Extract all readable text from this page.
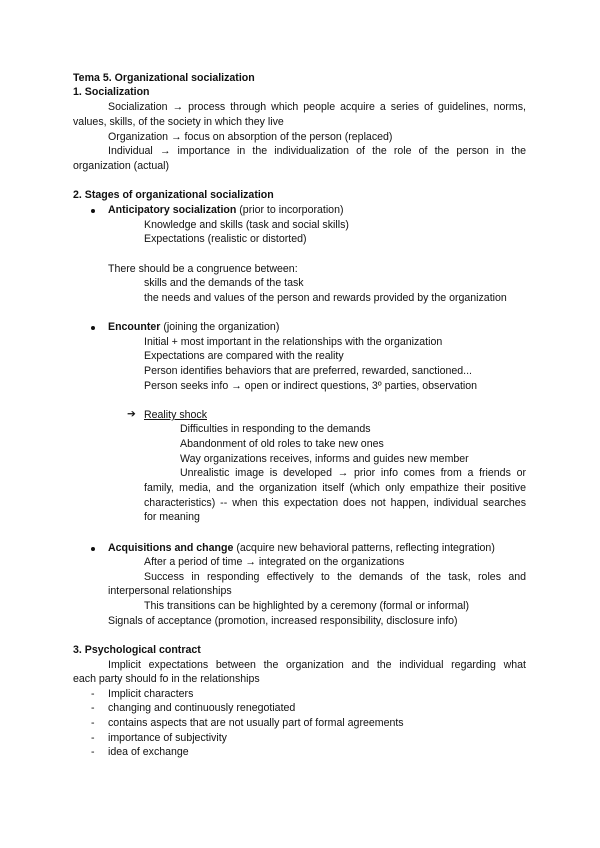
Tema 5. Organizational socialization
1. Socialization
Socialization → process through which people acquire a series of guidelines, norms,
values, skills, of the society in which they live
Organization → focus on absorption of the person (replaced)
Individual → importance in the individualization of the role of the person in the
organization (actual)
2. Stages of organizational socialization
Anticipatory socialization (prior to incorporation)
Knowledge and skills (task and social skills)
Expectations (realistic or distorted)
There should be a congruence between:
skills and the demands of the task
the needs and values of the person and rewards provided by the organization
Encounter (joining the organization)
Initial + most important in the relationships with the organization
Expectations are compared with the reality
Person identifies behaviors that are preferred, rewarded, sanctioned...
Person seeks info → open or indirect questions, 3º parties, observation
➔ Reality shock
Difficulties in responding to the demands
Abandonment of old roles to take new ones
Way organizations receives, informs and guides new member
Unrealistic image is developed → prior info comes from a friends or
family, media, and the organization itself (which only empathize their positive
characteristics) -- when this expectation does not happen, individual searches
for meaning
Acquisitions and change (acquire new behavioral patterns, reflecting integration)
After a period of time → integrated on the organizations
Success in responding effectively to the demands of the task, roles and
interpersonal relationships
This transitions can be highlighted by a ceremony (formal or informal)
Signals of acceptance (promotion, increased responsibility, disclosure info)
3. Psychological contract
Implicit expectations between the organization and the individual regarding what
each party should fo in the relationships
- Implicit characters
- changing and continuously renegotiated
- contains aspects that are not usually part of formal agreements
- importance of subjectivity
- idea of exchange
